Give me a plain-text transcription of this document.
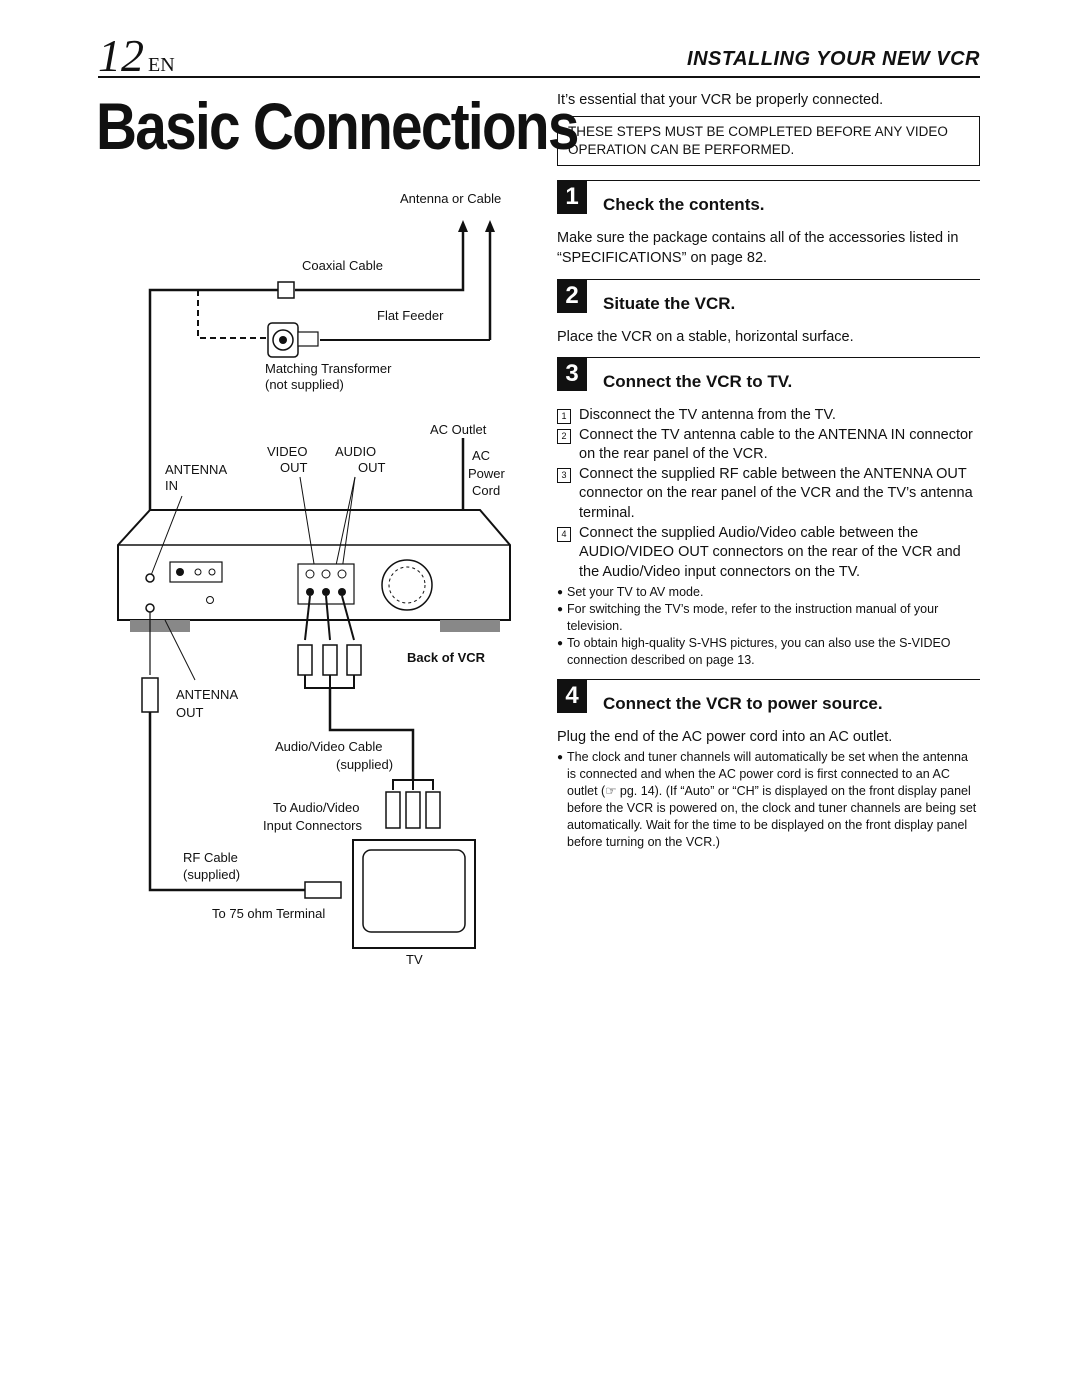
12 EN	INSTALLING YOUR NEW VCR
Basic Connections
Antenna or Cable
Coaxial Cable
Flat Feeder
Matching Transformer
(not supplied)
AC Outlet
VIDEO
OUT
AUDIO
OUT
ANTENNA
IN
AC
Power
Cord
Back of VCR
ANTENNA
OUT
Audio/Video Cable
(supplied)
To Audio/Video
Input Connectors
RF Cable
(supplied)
To 75 ohm Terminal
TV

It’s essential that your VCR be properly connected.

THESE STEPS MUST BE COMPLETED BEFORE ANY VIDEO OPERATION CAN BE PERFORMED.
1	Check the contents.
Make sure the package contains all of the accessories listed in “SPECIFICATIONS” on page 82.
2	Situate the VCR.
Place the VCR on a stable, horizontal surface.
3	Connect the VCR to TV.
1 Disconnect the TV antenna from the TV.
2 Connect the TV antenna cable to the ANTENNA IN connector on the rear panel of the VCR.
3 Connect the supplied RF cable between the ANTENNA OUT connector on the rear panel of the VCR and the TV’s antenna terminal.
4 Connect the supplied Audio/Video cable between the AUDIO/VIDEO OUT connectors on the rear of the VCR and the Audio/Video input connectors on the TV.
● Set your TV to AV mode.
● For switching the TV’s mode, refer to the instruction manual of your television.
● To obtain high-quality S-VHS pictures, you can also use the S-VIDEO connection described on page 13.
4	Connect the VCR to power source.
Plug the end of the AC power cord into an AC outlet.
● The clock and tuner channels will automatically be set when the antenna is connected and when the AC power cord is first connected to an AC outlet (☞ pg. 14). (If “Auto” or “CH” is displayed on the front display panel before the VCR is powered on, the clock and tuner channels are being set automatically. Wait for the time to be displayed on the front display panel before turning on the VCR.)
